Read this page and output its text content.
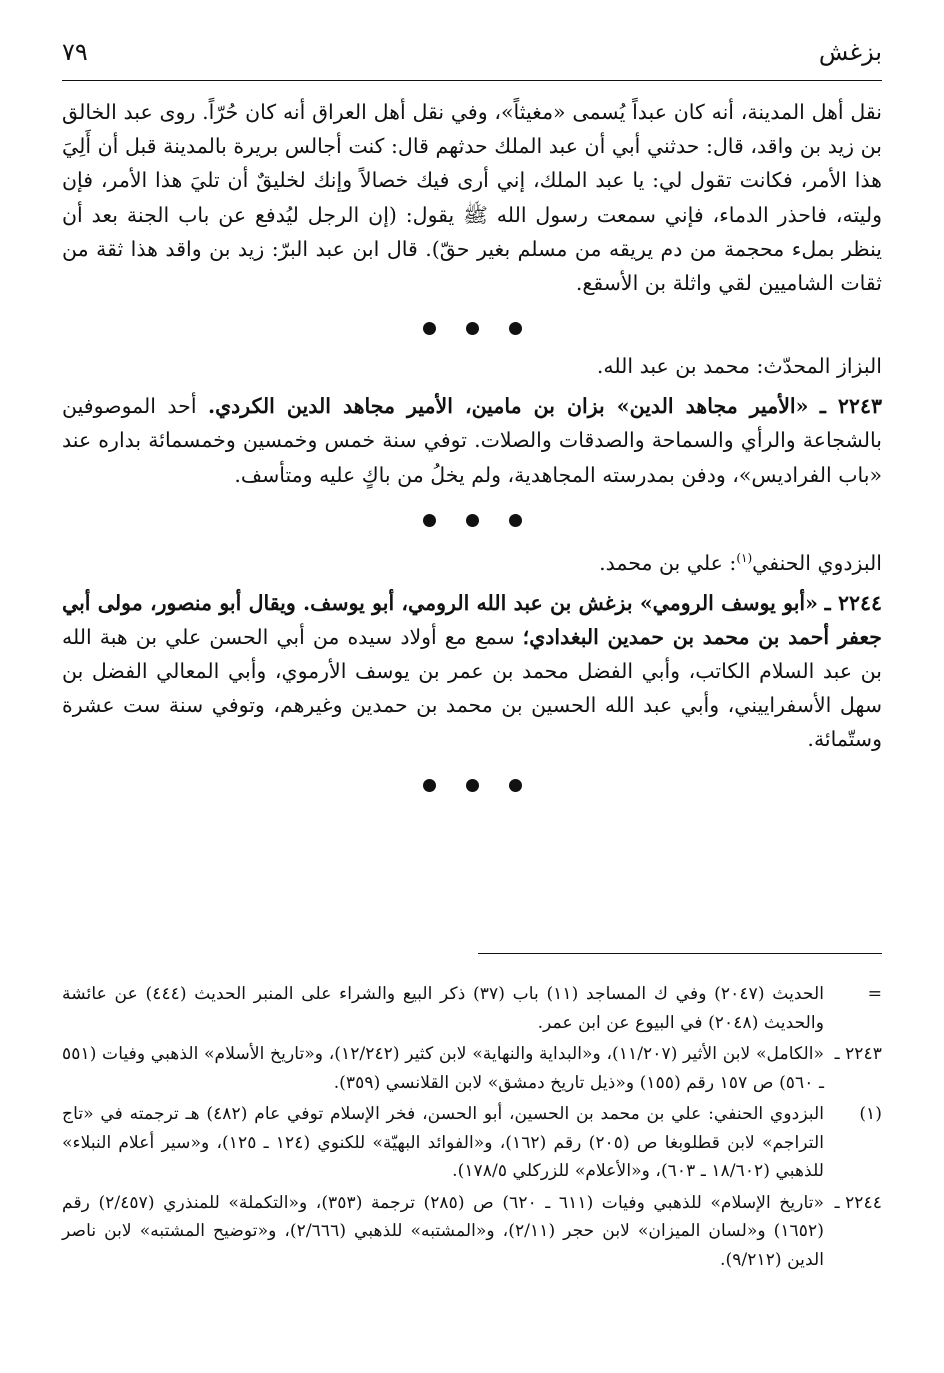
٧٩	بزغش

نقل أهل المدينة، أنه كان عبداً يُسمى «مغيثاً»، وفي نقل أهل العراق أنه كان حُرّاً. روى عبد الخالق بن زيد بن واقد، قال: حدثني أبي أن عبد الملك حدثهم قال: كنت أجالس بريرة بالمدينة قبل أن أَلِيَ هذا الأمر، فكانت تقول لي: يا عبد الملك، إني أرى فيك خصالاً وإنك لخليقٌ أن تليَ هذا الأمر، فإن وليته، فاحذر الدماء، فإني سمعت رسول الله ﷺ يقول: (إن الرجل ليُدفع عن باب الجنة بعد أن ينظر بملء محجمة من دم يريقه من مسلم بغير حقّ). قال ابن عبد البرّ: زيد بن واقد هذا ثقة من ثقات الشاميين لقي واثلة بن الأسقع.

البزاز المحدّث: محمد بن عبد الله.

٢٢٤٣ ـ «الأمير مجاهد الدين» بزان بن مامين، الأمير مجاهد الدين الكردي. أحد الموصوفين بالشجاعة والرأي والسماحة والصدقات والصلات. توفي سنة خمس وخمسين وخمسمائة بداره عند «باب الفراديس»، ودفن بمدرسته المجاهدية، ولم يخلُ من باكٍ عليه ومتأسف.

البزدوي الحنفي$^{(١)}$: علي بن محمد.

٢٢٤٤ ـ «أبو يوسف الرومي» بزغش بن عبد الله الرومي، أبو يوسف. ويقال أبو منصور، مولى أبي جعفر أحمد بن محمد بن حمدين البغدادي؛ سمع مع أولاد سيده من أبي الحسن علي بن هبة الله بن عبد السلام الكاتب، وأبي الفضل محمد بن عمر بن يوسف الأرموي، وأبي المعالي الفضل بن سهل الأسفراييني، وأبي عبد الله الحسين بن محمد بن حمدين وغيرهم، وتوفي سنة ست عشرة وستّمائة.

=
الحديث (٢٠٤٧) وفي ك المساجد (١١) باب (٣٧) ذكر البيع والشراء على المنبر الحديث (٤٤٤) عن عائشة والحديث (٢٠٤٨) في البيوع عن ابن عمر.
٢٢٤٣ ـ
«الكامل» لابن الأثير (١١/٢٠٧)، و«البداية والنهاية» لابن كثير (١٢/٢٤٢)، و«تاريخ الأسلام» الذهبي وفيات (٥٥١ ـ ٥٦٠) ص ١٥٧ رقم (١٥٥) و«ذيل تاريخ دمشق» لابن القلانسي (٣٥٩).
(١)
البزدوي الحنفي: علي بن محمد بن الحسين، أبو الحسن، فخر الإسلام توفي عام (٤٨٢) هـ ترجمته في «تاج التراجم» لابن قطلوبغا ص (٢٠٥) رقم (١٦٢)، و«الفوائد البهيّة» للكنوي (١٢٤ ـ ١٢٥)، و«سير أعلام النبلاء» للذهبي (١٨/٦٠٢ ـ ٦٠٣)، و«الأعلام» للزركلي ١٧٨/٥).
٢٢٤٤ ـ
«تاريخ الإسلام» للذهبي وفيات (٦١١ ـ ٦٢٠) ص (٢٨٥) ترجمة (٣٥٣)، و«التكملة» للمنذري (٢/٤٥٧) رقم (١٦٥٢) و«لسان الميزان» لابن حجر (٢/١١)، و«المشتبه» للذهبي (٢/٦٦٦)، و«توضيح المشتبه» لابن ناصر الدين (٩/٢١٢).
